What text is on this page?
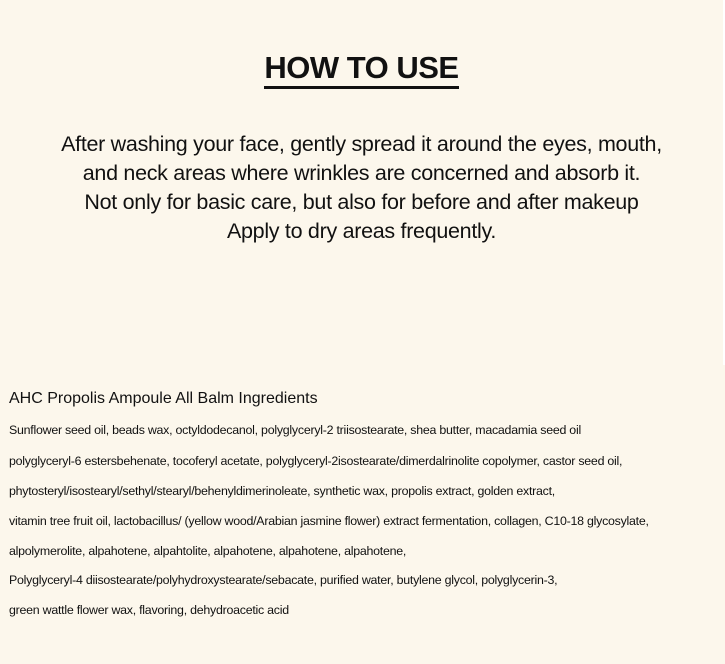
HOW TO USE
After washing your face, gently spread it around the eyes, mouth,
and neck areas where wrinkles are concerned and absorb it.
Not only for basic care, but also for before and after makeup
Apply to dry areas frequently.
AHC Propolis Ampoule All Balm Ingredients
Sunflower seed oil, beads wax, octyldodecanol, polyglyceryl-2 triisostearate, shea butter, macadamia seed oil
polyglyceryl-6 estersbehenate, tocoferyl acetate, polyglyceryl-2isostearate/dimerdalrinolite copolymer, castor seed oil,
phytosteryl/isostearyl/sethyl/stearyl/behenyldimerinoleate, synthetic wax, propolis extract, golden extract,
vitamin tree fruit oil, lactobacillus/ (yellow wood/Arabian jasmine flower) extract fermentation, collagen, C10-18 glycosylate,
alpolymerolite, alpahotene, alpahtolite, alpahotene, alpahotene, alpahotene,
Polyglyceryl-4 diisostearate/polyhydroxystearate/sebacate, purified water, butylene glycol, polyglycerin-3,
green wattle flower wax, flavoring, dehydroacetic acid
